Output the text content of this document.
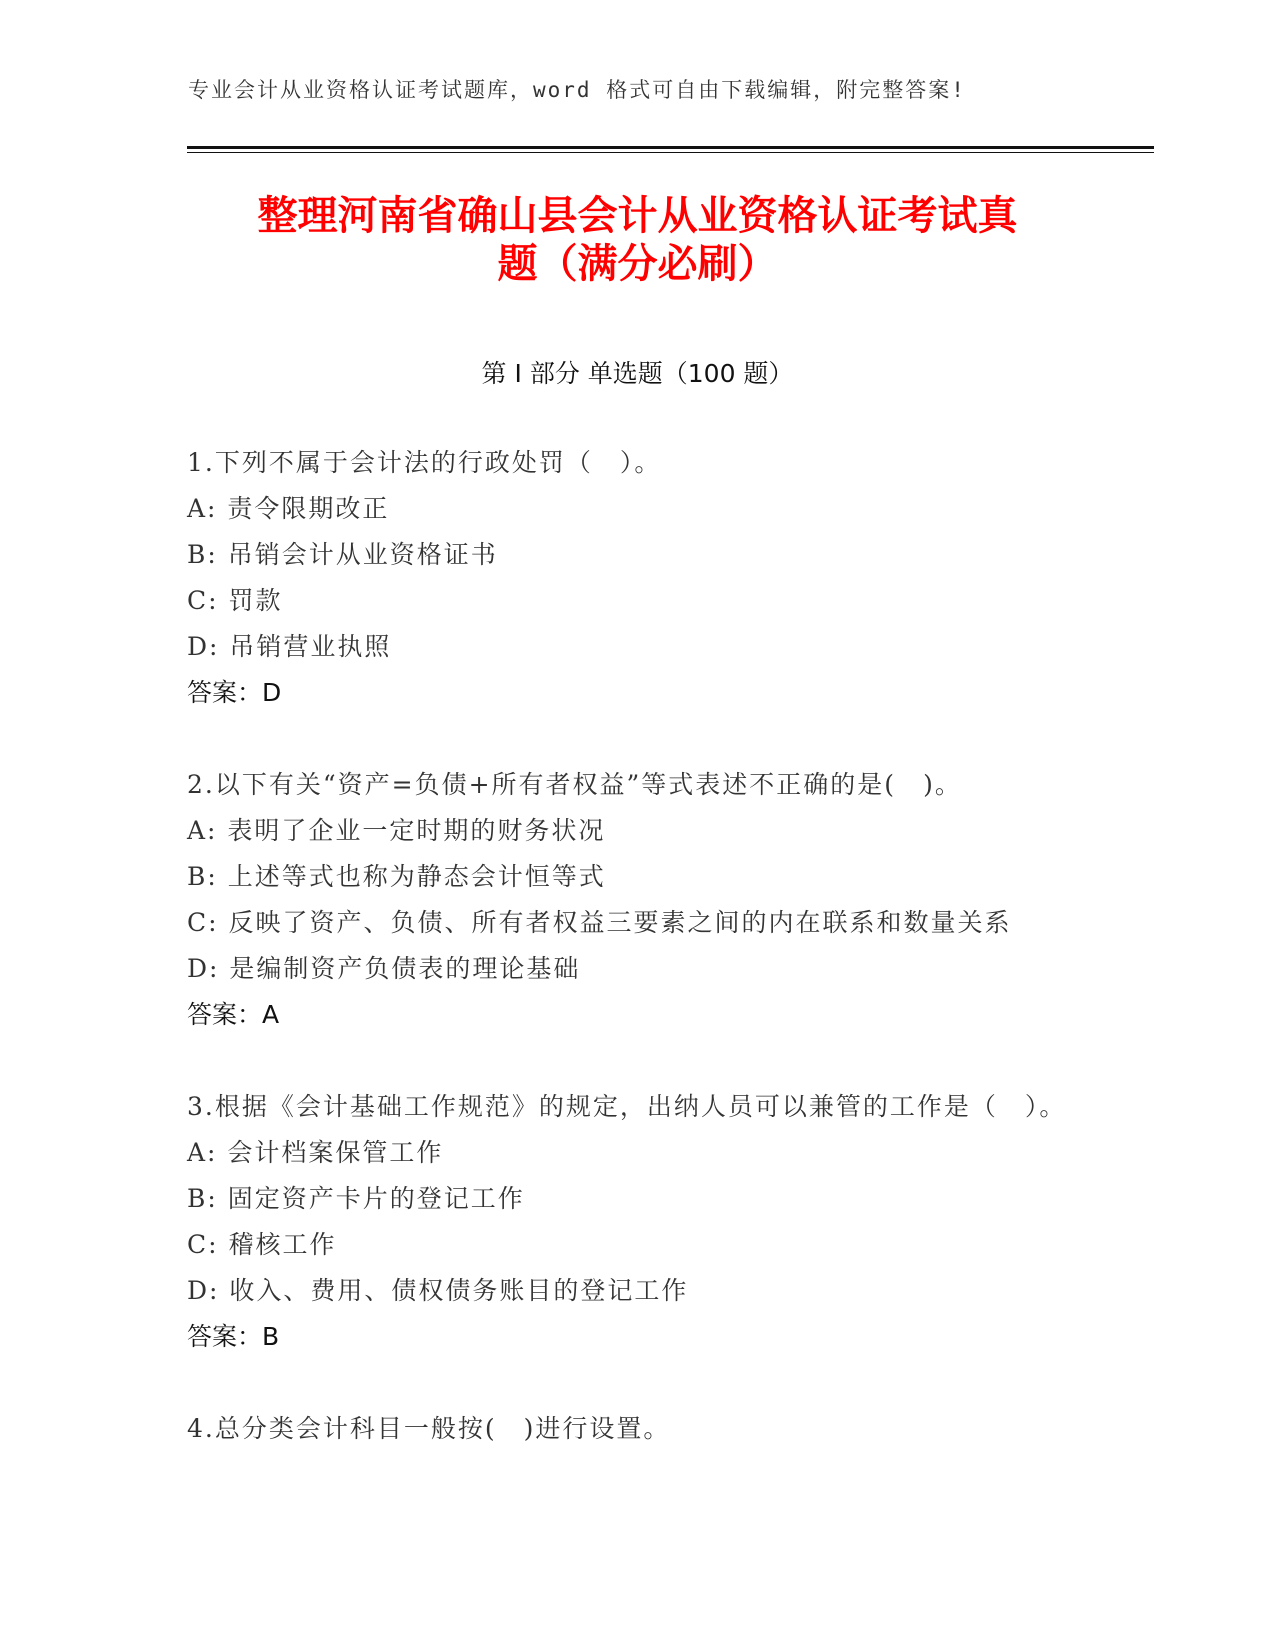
专业会计从业资格认证考试题库，word 格式可自由下载编辑，附完整答案!
整理河南省确山县会计从业资格认证考试真
题（满分必刷）
第 I 部分 单选题（100 题）
1.下列不属于会计法的行政处罚（　）。
A: 责令限期改正
B: 吊销会计从业资格证书
C: 罚款
D: 吊销营业执照
答案：D
2.以下有关“资产=负债+所有者权益”等式表述不正确的是(　)。
A: 表明了企业一定时期的财务状况
B: 上述等式也称为静态会计恒等式
C: 反映了资产、负债、所有者权益三要素之间的内在联系和数量关系
D: 是编制资产负债表的理论基础
答案：A
3.根据《会计基础工作规范》的规定，出纳人员可以兼管的工作是（　）。
A: 会计档案保管工作
B: 固定资产卡片的登记工作
C: 稽核工作
D: 收入、费用、债权债务账目的登记工作
答案：B
4.总分类会计科目一般按(　)进行设置。
